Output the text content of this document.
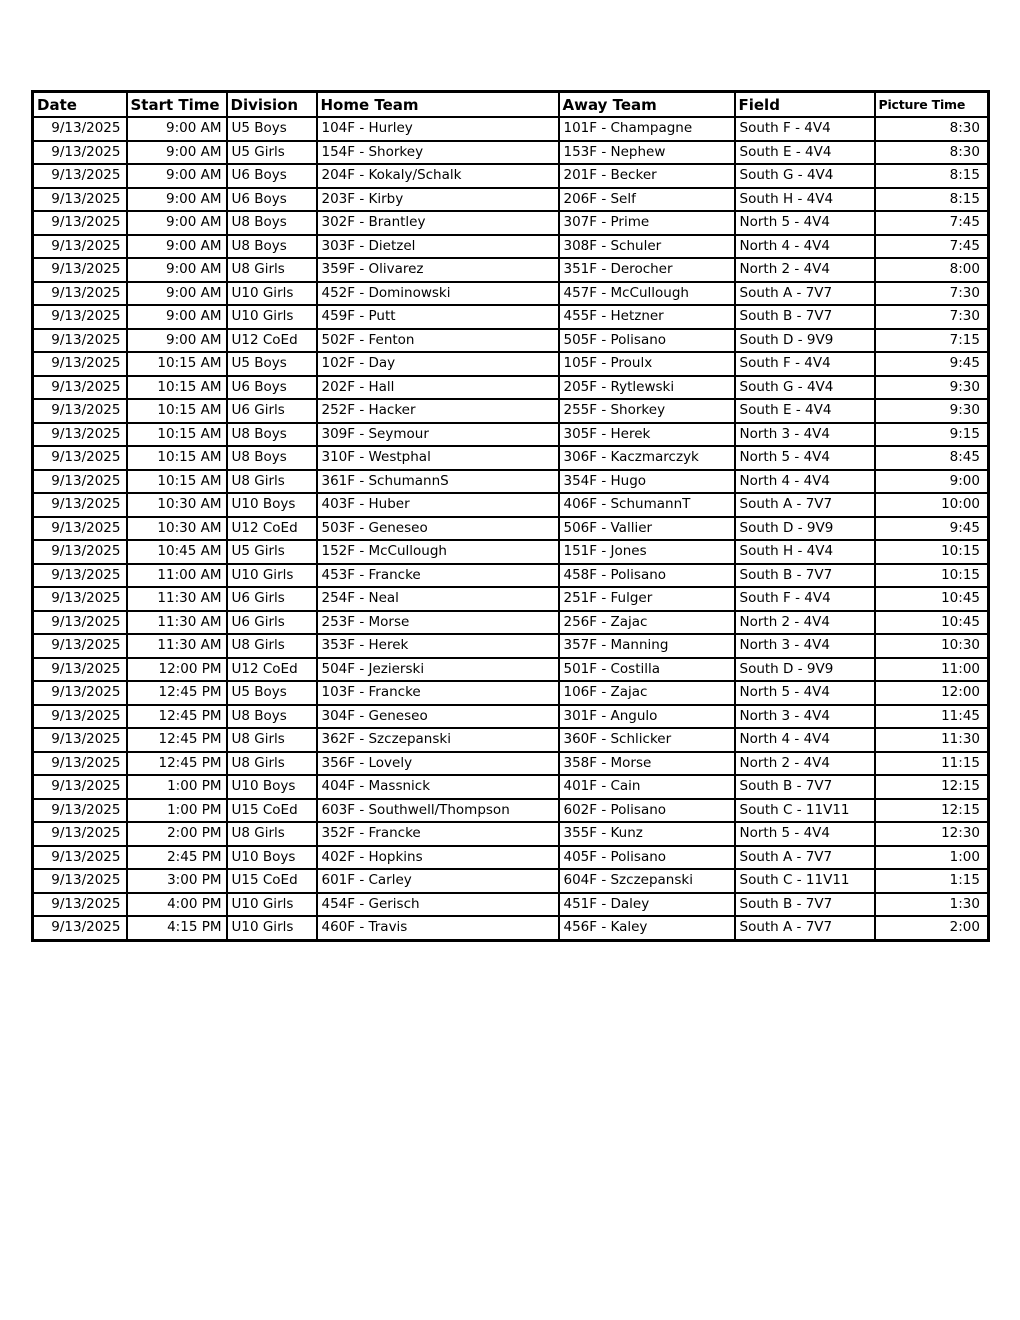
Date	Start Time	Division	Home Team	Away Team	Field	Picture Time
9/13/2025	9:00 AM	U5 Boys	104F - Hurley	101F - Champagne	South F - 4V4	8:30
9/13/2025	9:00 AM	U5 Girls	154F - Shorkey	153F - Nephew	South E - 4V4	8:30
9/13/2025	9:00 AM	U6 Boys	204F - Kokaly/Schalk	201F - Becker	South G - 4V4	8:15
9/13/2025	9:00 AM	U6 Boys	203F - Kirby	206F - Self	South H - 4V4	8:15
9/13/2025	9:00 AM	U8 Boys	302F - Brantley	307F - Prime	North 5 - 4V4	7:45
9/13/2025	9:00 AM	U8 Boys	303F - Dietzel	308F - Schuler	North 4 - 4V4	7:45
9/13/2025	9:00 AM	U8 Girls	359F - Olivarez	351F - Derocher	North 2 - 4V4	8:00
9/13/2025	9:00 AM	U10 Girls	452F - Dominowski	457F - McCullough	South A - 7V7	7:30
9/13/2025	9:00 AM	U10 Girls	459F - Putt	455F - Hetzner	South B - 7V7	7:30
9/13/2025	9:00 AM	U12 CoEd	502F - Fenton	505F - Polisano	South D - 9V9	7:15
9/13/2025	10:15 AM	U5 Boys	102F - Day	105F - Proulx	South F - 4V4	9:45
9/13/2025	10:15 AM	U6 Boys	202F - Hall	205F - Rytlewski	South G - 4V4	9:30
9/13/2025	10:15 AM	U6 Girls	252F - Hacker	255F - Shorkey	South E - 4V4	9:30
9/13/2025	10:15 AM	U8 Boys	309F - Seymour	305F - Herek	North 3 - 4V4	9:15
9/13/2025	10:15 AM	U8 Boys	310F - Westphal	306F - Kaczmarczyk	North 5 - 4V4	8:45
9/13/2025	10:15 AM	U8 Girls	361F - SchumannS	354F - Hugo	North 4 - 4V4	9:00
9/13/2025	10:30 AM	U10 Boys	403F - Huber	406F - SchumannT	South A - 7V7	10:00
9/13/2025	10:30 AM	U12 CoEd	503F - Geneseo	506F - Vallier	South D - 9V9	9:45
9/13/2025	10:45 AM	U5 Girls	152F - McCullough	151F - Jones	South H - 4V4	10:15
9/13/2025	11:00 AM	U10 Girls	453F - Francke	458F - Polisano	South B - 7V7	10:15
9/13/2025	11:30 AM	U6 Girls	254F - Neal	251F - Fulger	South F - 4V4	10:45
9/13/2025	11:30 AM	U6 Girls	253F - Morse	256F - Zajac	North 2 - 4V4	10:45
9/13/2025	11:30 AM	U8 Girls	353F - Herek	357F - Manning	North 3 - 4V4	10:30
9/13/2025	12:00 PM	U12 CoEd	504F - Jezierski	501F - Costilla	South D - 9V9	11:00
9/13/2025	12:45 PM	U5 Boys	103F - Francke	106F - Zajac	North 5 - 4V4	12:00
9/13/2025	12:45 PM	U8 Boys	304F - Geneseo	301F - Angulo	North 3 - 4V4	11:45
9/13/2025	12:45 PM	U8 Girls	362F - Szczepanski	360F - Schlicker	North 4 - 4V4	11:30
9/13/2025	12:45 PM	U8 Girls	356F - Lovely	358F - Morse	North 2 - 4V4	11:15
9/13/2025	1:00 PM	U10 Boys	404F - Massnick	401F - Cain	South B - 7V7	12:15
9/13/2025	1:00 PM	U15 CoEd	603F - Southwell/Thompson	602F - Polisano	South C - 11V11	12:15
9/13/2025	2:00 PM	U8 Girls	352F - Francke	355F - Kunz	North 5 - 4V4	12:30
9/13/2025	2:45 PM	U10 Boys	402F - Hopkins	405F - Polisano	South A - 7V7	1:00
9/13/2025	3:00 PM	U15 CoEd	601F - Carley	604F - Szczepanski	South C - 11V11	1:15
9/13/2025	4:00 PM	U10 Girls	454F - Gerisch	451F - Daley	South B - 7V7	1:30
9/13/2025	4:15 PM	U10 Girls	460F - Travis	456F - Kaley	South A - 7V7	2:00
